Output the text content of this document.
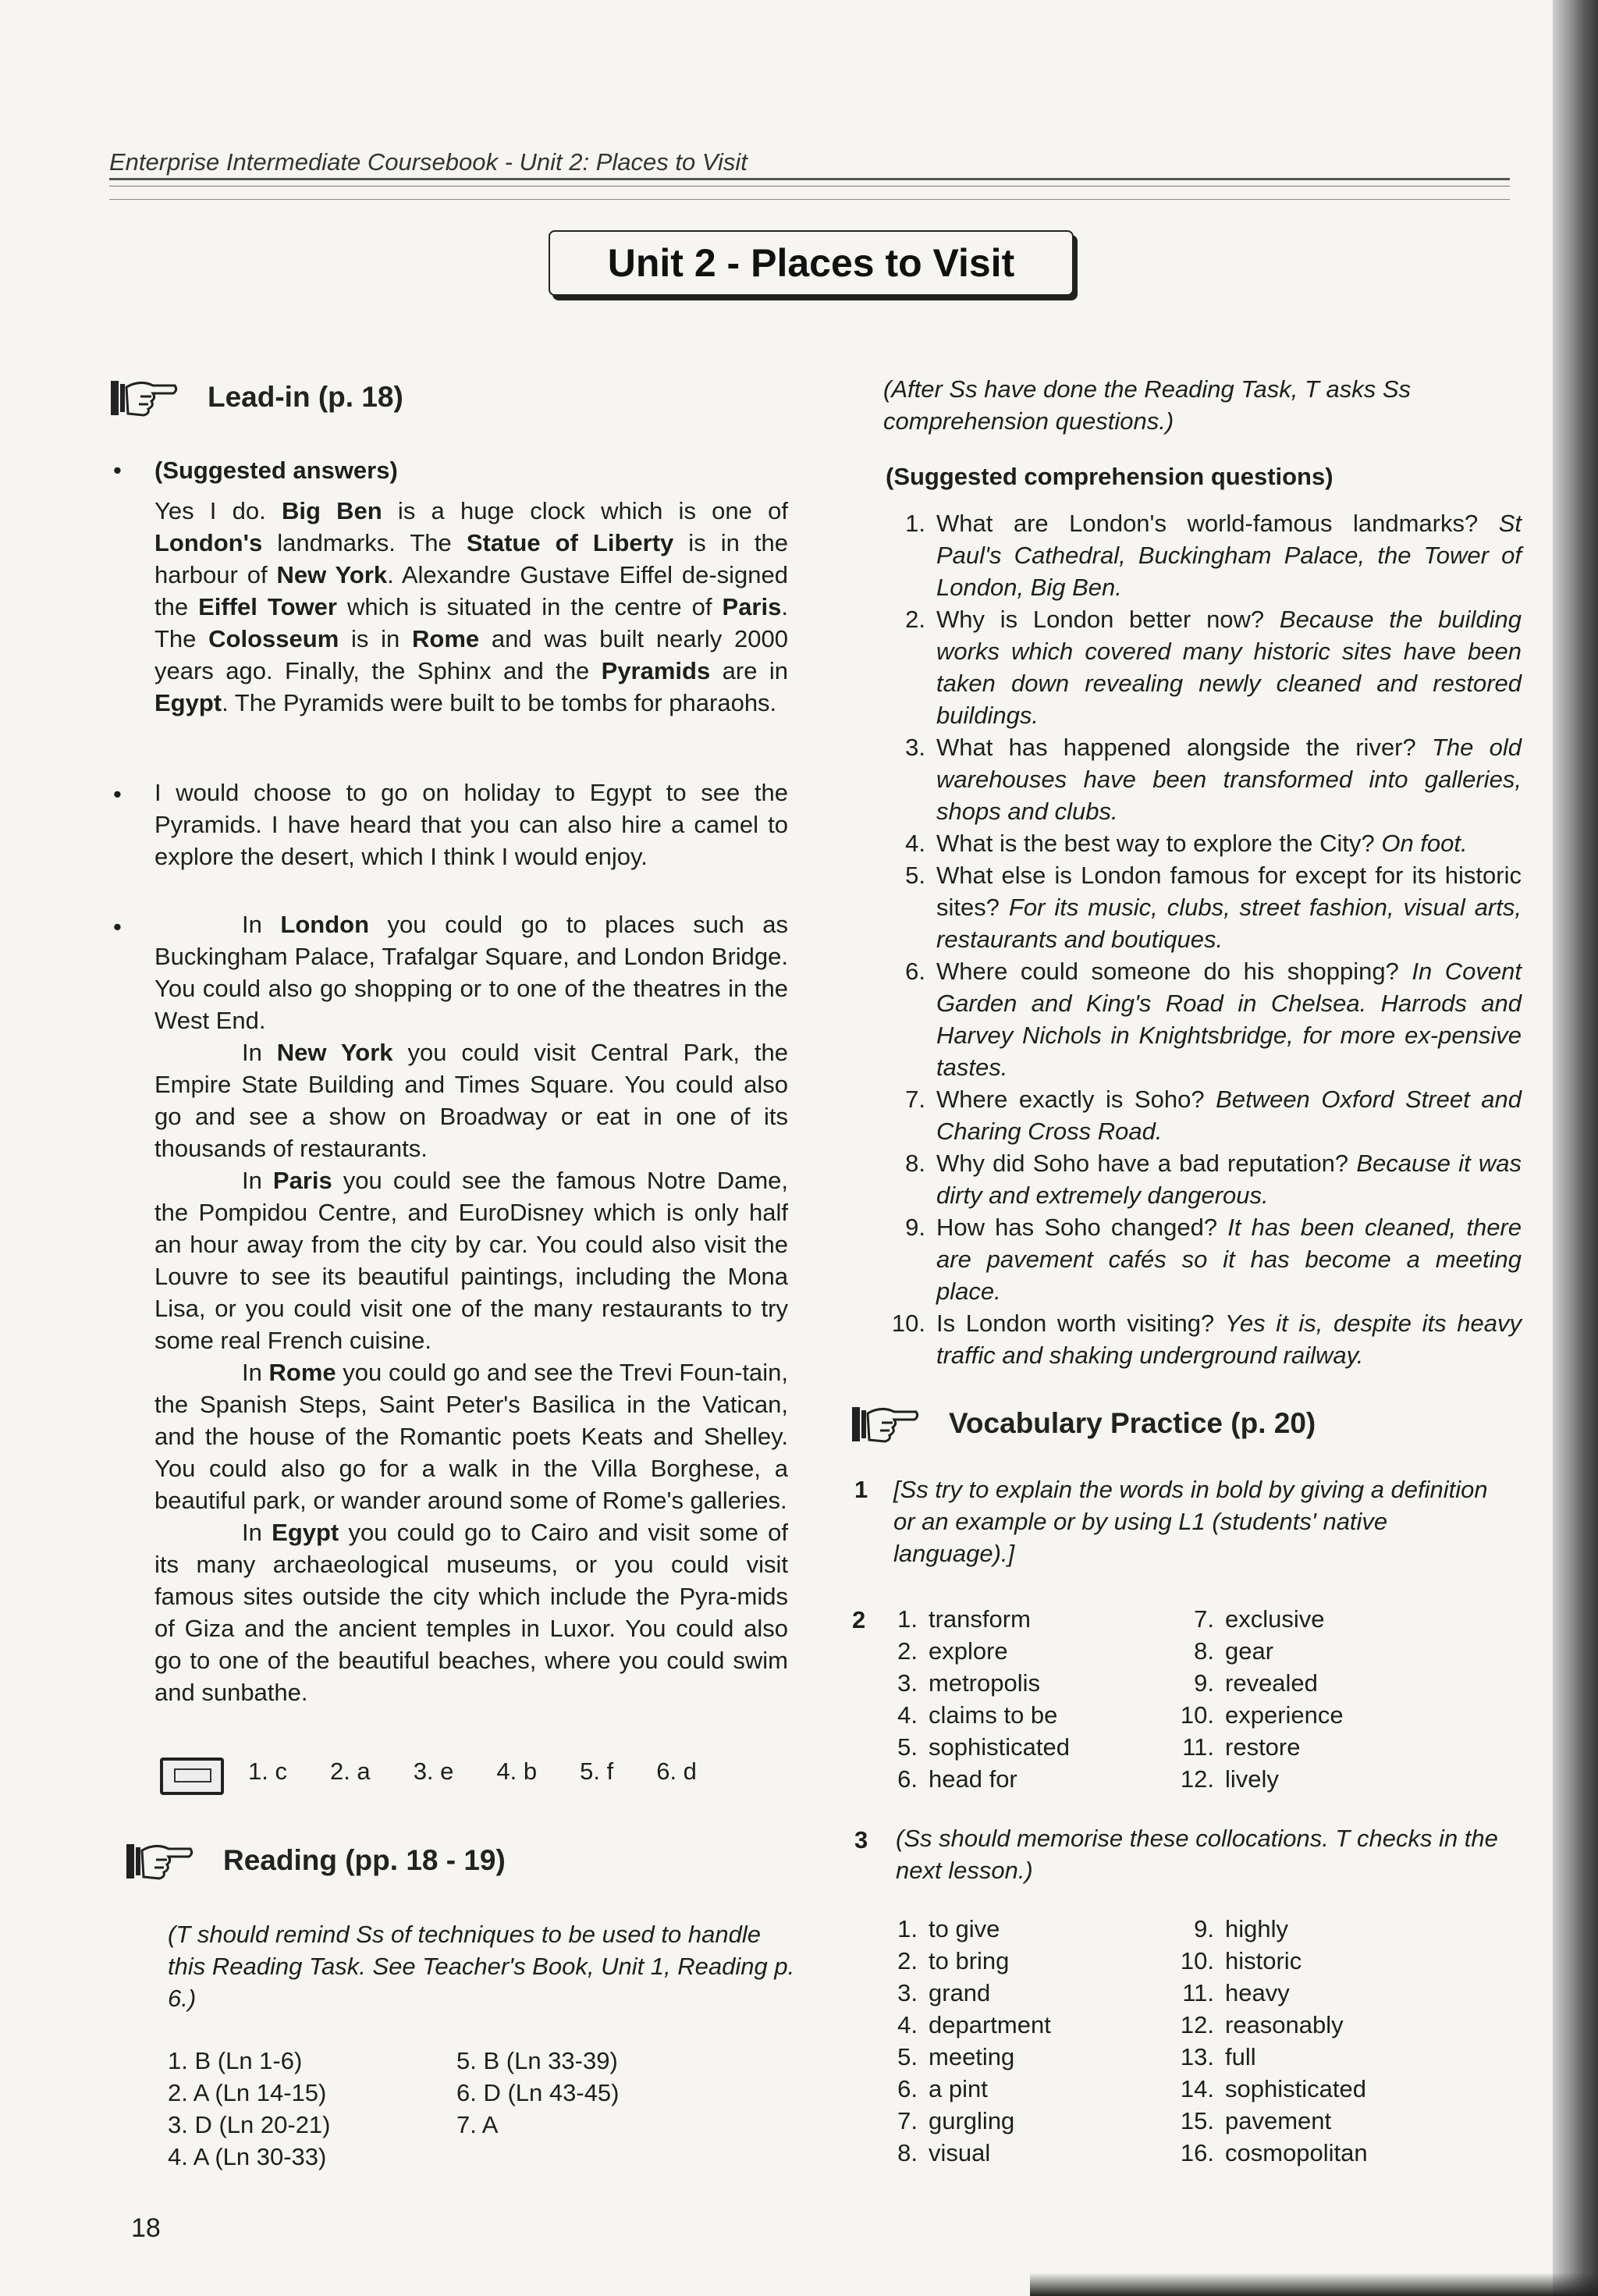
Enterprise Intermediate Coursebook - Unit 2: Places to Visit
Unit 2 - Places to Visit
Lead-in (p. 18)
• (Suggested answers)
Yes I do. Big Ben is a huge clock which is one of London's landmarks. The Statue of Liberty is in the harbour of New York. Alexandre Gustave Eiffel de-signed the Eiffel Tower which is situated in the centre of Paris. The Colosseum is in Rome and was built nearly 2000 years ago. Finally, the Sphinx and the Pyramids are in Egypt. The Pyramids were built to be tombs for pharaohs.
• I would choose to go on holiday to Egypt to see the Pyramids. I have heard that you can also hire a camel to explore the desert, which I think I would enjoy.
•	In London you could go to places such as Buckingham Palace, Trafalgar Square, and London Bridge. You could also go shopping or to one of the theatres in the West End.

In New York you could visit Central Park, the Empire State Building and Times Square. You could also go and see a show on Broadway or eat in one of its thousands of restaurants.

In Paris you could see the famous Notre Dame, the Pompidou Centre, and EuroDisney which is only half an hour away from the city by car. You could also visit the Louvre to see its beautiful paintings, including the Mona Lisa, or you could visit one of the many restaurants to try some real French cuisine.

In Rome you could go and see the Trevi Foun-tain, the Spanish Steps, Saint Peter's Basilica in the Vatican, and the house of the Romantic poets Keats and Shelley. You could also go for a walk in the Villa Borghese, a beautiful park, or wander around some of Rome's galleries.

In Egypt you could go to Cairo and visit some of its many archaeological museums, or you could visit famous sites outside the city which include the Pyra-mids of Giza and the ancient temples in Luxor. You could also go to one of the beautiful beaches, where you could swim and sunbathe.

1. c 2. a 3. e 4. b 5. f 6. d
Reading (pp. 18 - 19)
(T should remind Ss of techniques to be used to handle this Reading Task. See Teacher's Book, Unit 1, Reading p. 6.)
1. B (Ln 1-6)
2. A (Ln 14-15)
3. D (Ln 20-21)
4. A (Ln 30-33)
5. B (Ln 33-39)
6. D (Ln 43-45)
7. A
18
(After Ss have done the Reading Task, T asks Ss comprehension questions.)
(Suggested comprehension questions)
1. What are London's world-famous landmarks? St Paul's Cathedral, Buckingham Palace, the Tower of London, Big Ben.
2. Why is London better now? Because the building works which covered many historic sites have been taken down revealing newly cleaned and restored buildings.
3. What has happened alongside the river? The old warehouses have been transformed into galleries, shops and clubs.
4. What is the best way to explore the City? On foot.
5. What else is London famous for except for its historic sites? For its music, clubs, street fashion, visual arts, restaurants and boutiques.
6. Where could someone do his shopping? In Covent Garden and King's Road in Chelsea. Harrods and Harvey Nichols in Knightsbridge, for more ex-pensive tastes.
7. Where exactly is Soho? Between Oxford Street and Charing Cross Road.
8. Why did Soho have a bad reputation? Because it was dirty and extremely dangerous.
9. How has Soho changed? It has been cleaned, there are pavement cafés so it has become a meeting place.
10. Is London worth visiting? Yes it is, despite its heavy traffic and shaking underground railway.
Vocabulary Practice (p. 20)
1 [Ss try to explain the words in bold by giving a definition or an example or by using L1 (students' native language).]
2	1. transform
2. explore
3. metropolis
4. claims to be
5. sophisticated
6. head for
7. exclusive
8. gear
9. revealed
10. experience
11. restore
12. lively
3 (Ss should memorise these collocations. T checks in the next lesson.)
1. to give
2. to bring
3. grand
4. department
5. meeting
6. a pint
7. gurgling
8. visual
9. highly
10. historic
11. heavy
12. reasonably
13. full
14. sophisticated
15. pavement
16. cosmopolitan
